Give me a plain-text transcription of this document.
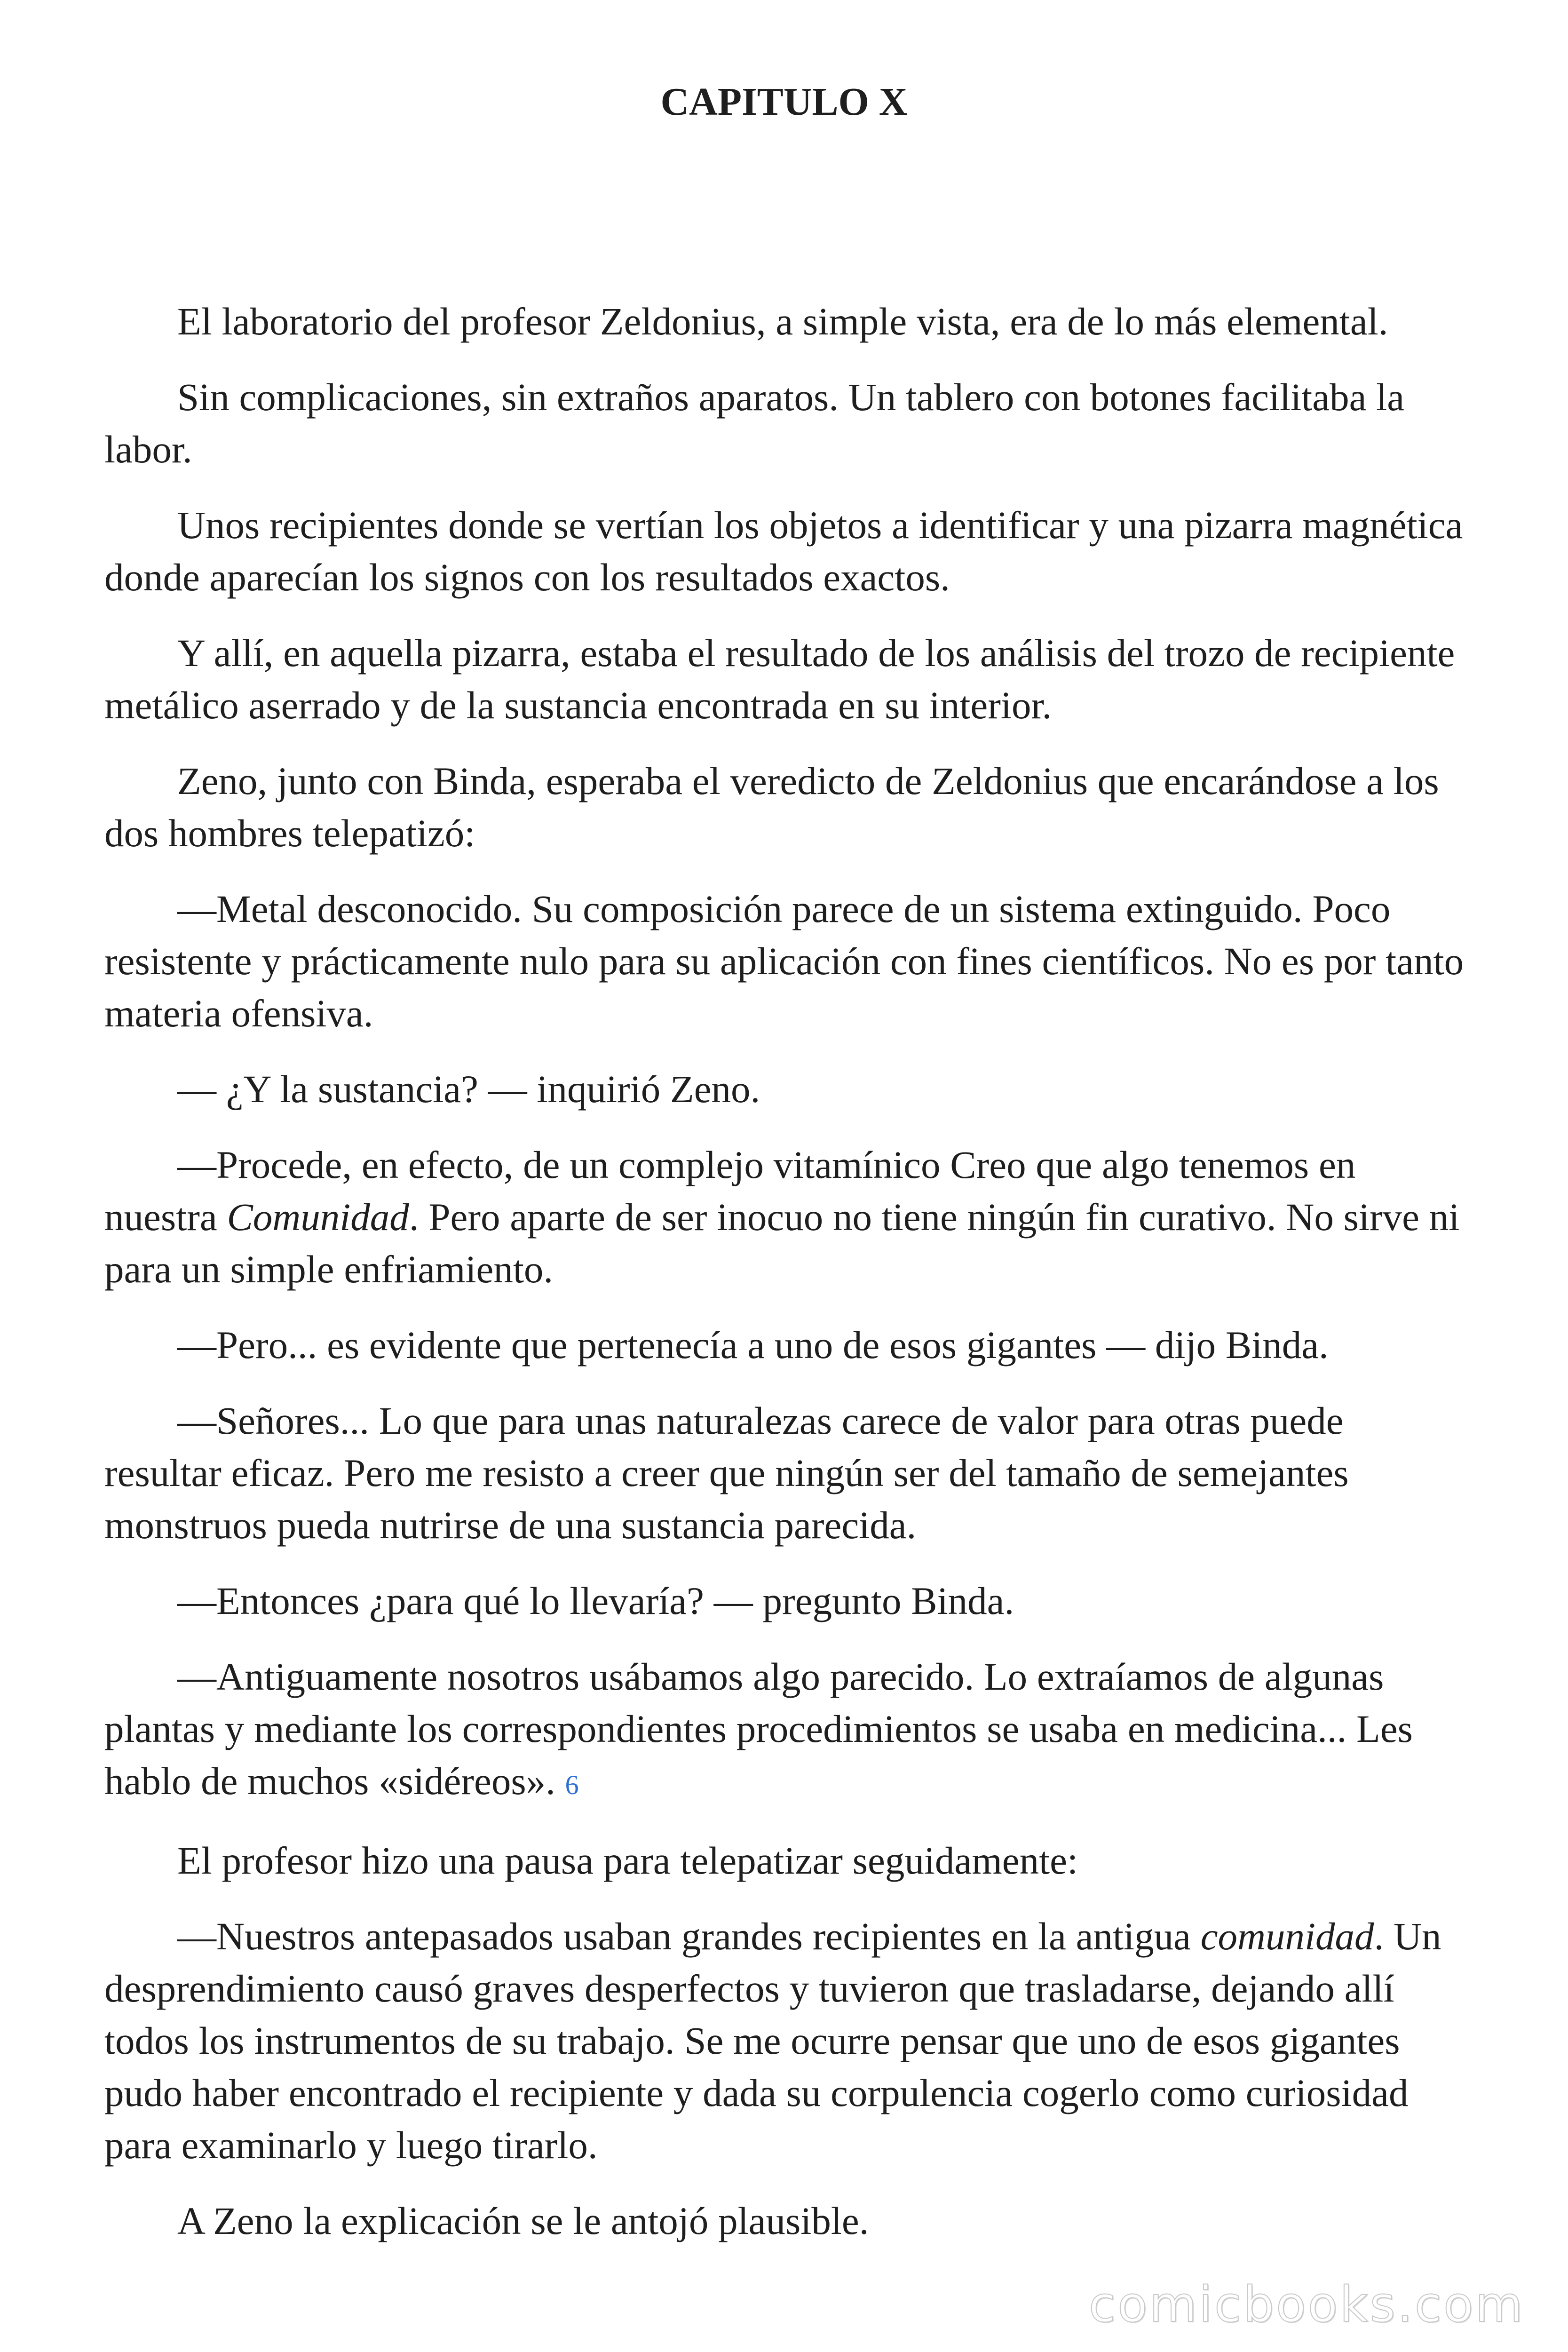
CAPITULO X

El laboratorio del profesor Zeldonius, a simple vista, era de lo más elemental.

Sin complicaciones, sin extraños aparatos. Un tablero con botones facilitaba la labor.

Unos recipientes donde se vertían los objetos a identificar y una pizarra magnética donde aparecían los signos con los resultados exactos.

Y allí, en aquella pizarra, estaba el resultado de los análisis del trozo de recipiente metálico aserrado y de la sustancia encontrada en su interior.

Zeno, junto con Binda, esperaba el veredicto de Zeldonius que encarándose a los dos hombres telepatizó:

—Metal desconocido. Su composición parece de un sistema extinguido. Poco resistente y prácticamente nulo para su aplicación con fines científicos. No es por tanto materia ofensiva.

— ¿Y la sustancia? — inquirió Zeno.

—Procede, en efecto, de un complejo vitamínico Creo que algo tenemos en nuestra Comunidad. Pero aparte de ser inocuo no tiene ningún fin curativo. No sirve ni para un simple enfriamiento.

—Pero... es evidente que pertenecía a uno de esos gigantes — dijo Binda.

—Señores... Lo que para unas naturalezas carece de valor para otras puede resultar eficaz. Pero me resisto a creer que ningún ser del tamaño de semejantes monstruos pueda nutrirse de una sustancia parecida.

—Entonces ¿para qué lo llevaría? — pregunto Binda.

—Antiguamente nosotros usábamos algo parecido. Lo extraíamos de algunas plantas y mediante los correspondientes procedimientos se usaba en medicina... Les hablo de muchos «sidéreos». 6

El profesor hizo una pausa para telepatizar seguidamente:

—Nuestros antepasados usaban grandes recipientes en la antigua comunidad. Un desprendimiento causó graves desperfectos y tuvieron que trasladarse, dejando allí todos los instrumentos de su trabajo. Se me ocurre pensar que uno de esos gigantes pudo haber encontrado el recipiente y dada su corpulencia cogerlo como curiosidad para examinarlo y luego tirarlo.

A Zeno la explicación se le antojó plausible.

comicbooks.com
